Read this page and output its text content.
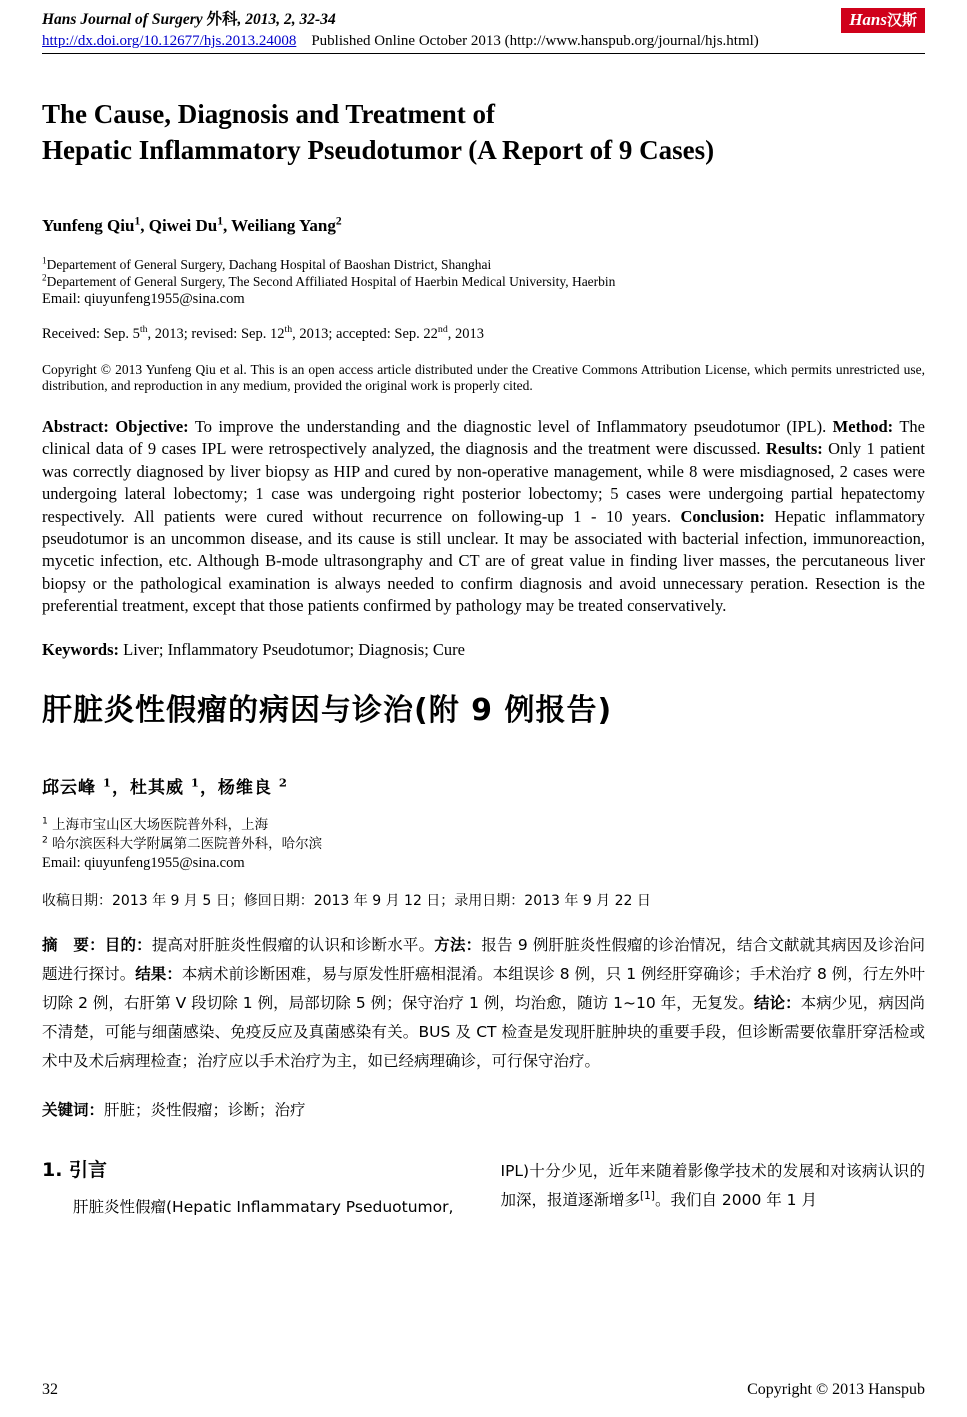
Hans Journal of Surgery 外科, 2013, 2, 32-34
http://dx.doi.org/10.12677/hjs.2013.24008 Published Online October 2013 (http://www.hanspub.org/journal/hjs.html)
Hans汉斯
The Cause, Diagnosis and Treatment of
Hepatic Inflammatory Pseudotumor (A Report of 9 Cases)
Yunfeng Qiu$^1$, Qiwei Du$^1$, Weiliang Yang$^2$
$^1$Departement of General Surgery, Dachang Hospital of Baoshan District, Shanghai
$^2$Departement of General Surgery, The Second Affiliated Hospital of Haerbin Medical University, Haerbin
Email: qiuyunfeng1955@sina.com
Received: Sep. 5th, 2013; revised: Sep. 12th, 2013; accepted: Sep. 22nd, 2013
Copyright © 2013 Yunfeng Qiu et al. This is an open access article distributed under the Creative Commons Attribution License, which permits unrestricted use, distribution, and reproduction in any medium, provided the original work is properly cited.
Abstract: Objective: To improve the understanding and the diagnostic level of Inflammatory pseudotumor (IPL). Method: The clinical data of 9 cases IPL were retrospectively analyzed, the diagnosis and the treatment were discussed. Results: Only 1 patient was correctly diagnosed by liver biopsy as HIP and cured by non-operative management, while 8 were misdiagnosed, 2 cases were undergoing lateral lobectomy; 1 case was undergoing right posterior lobectomy; 5 cases were undergoing partial hepatectomy respectively. All patients were cured without recurrence on following-up 1 - 10 years. Conclusion: Hepatic inflammatory pseudotumor is an uncommon disease, and its cause is still unclear. It may be associated with bacterial infection, immunoreaction, mycetic infection, etc. Although B-mode ultrasongraphy and CT are of great value in finding liver masses, the percutaneous liver biopsy or the pathological examination is always needed to confirm diagnosis and avoid unnecessary peration. Resection is the preferential treatment, except that those patients confirmed by pathology may be treated conservatively.
Keywords: Liver; Inflammatory Pseudotumor; Diagnosis; Cure
肝脏炎性假瘤的病因与诊治(附 9 例报告)
邱云峰 $^1$，杜其威 $^1$，杨维良 $^2$
$^1$ 上海市宝山区大场医院普外科，上海
$^2$ 哈尔滨医科大学附属第二医院普外科，哈尔滨
Email: qiuyunfeng1955@sina.com
收稿日期：2013 年 9 月 5 日；修回日期：2013 年 9 月 12 日；录用日期：2013 年 9 月 22 日
摘　要：目的：提高对肝脏炎性假瘤的认识和诊断水平。方法：报告 9 例肝脏炎性假瘤的诊治情况，结合文献就其病因及诊治问题进行探讨。结果：本病术前诊断困难，易与原发性肝癌相混淆。本组误诊 8 例，只 1 例经肝穿确诊；手术治疗 8 例，行左外叶切除 2 例，右肝第 V 段切除 1 例，局部切除 5 例；保守治疗 1 例，均治愈，随访 1~10 年，无复发。结论：本病少见，病因尚不清楚，可能与细菌感染、免疫反应及真菌感染有关。BUS 及 CT 检查是发现肝脏肿块的重要手段，但诊断需要依靠肝穿活检或术中及术后病理检查；治疗应以手术治疗为主，如已经病理确诊，可行保守治疗。
关键词：肝脏；炎性假瘤；诊断；治疗
1. 引言
肝脏炎性假瘤(Hepatic Inflammatary Pseduotumor,
IPL)十分少见，近年来随着影像学技术的发展和对该病认识的加深，报道逐渐增多[1]。我们自 2000 年 1 月
32	Copyright © 2013 Hanspub
